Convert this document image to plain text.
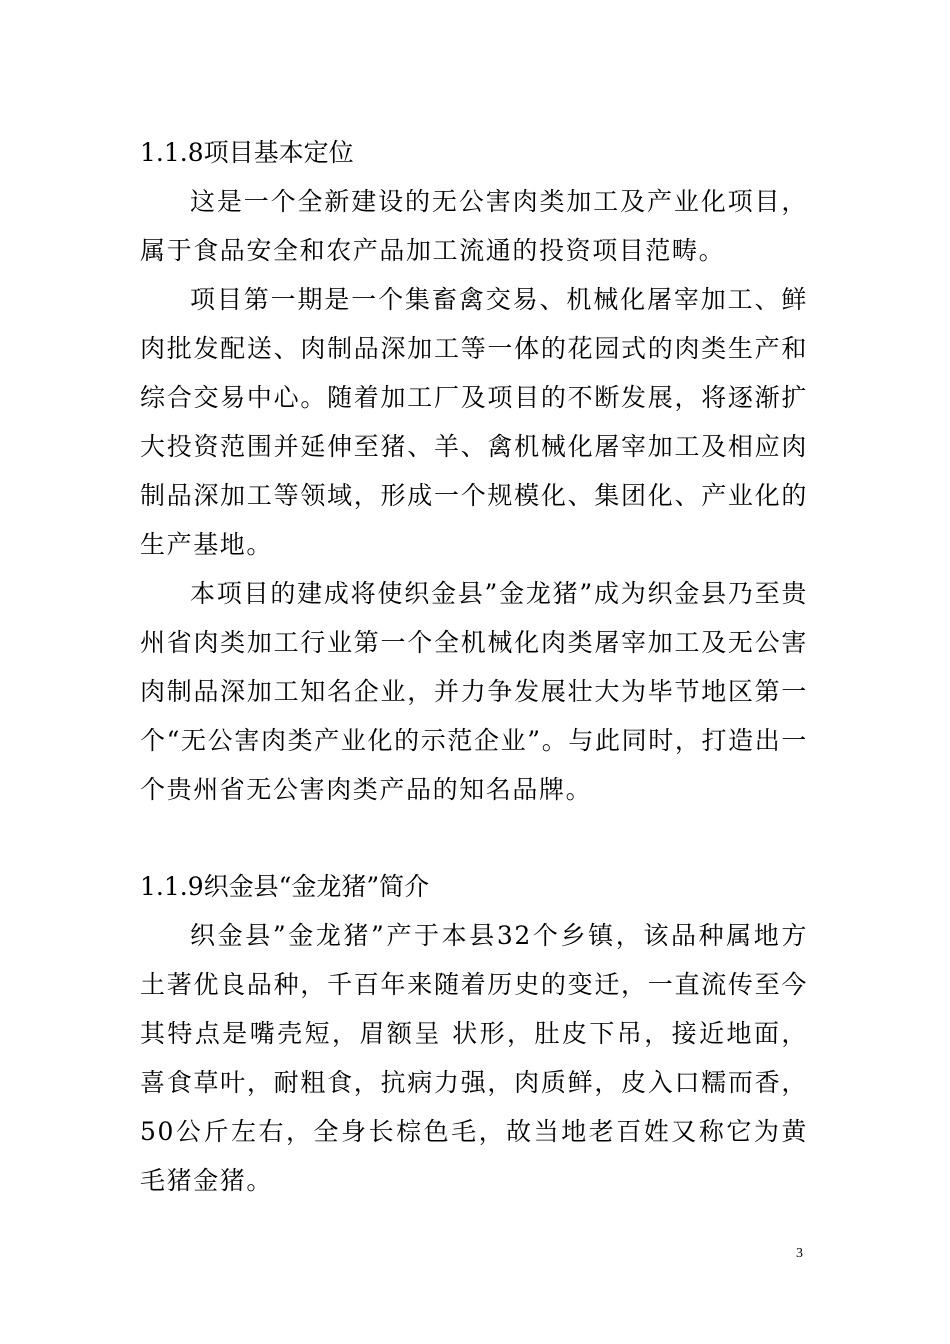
1.1.8项目基本定位

这是一个全新建设的无公害肉类加工及产业化项目，属于食品安全和农产品加工流通的投资项目范畴。

项目第一期是一个集畜禽交易、机械化屠宰加工、鲜肉批发配送、肉制品深加工等一体的花园式的肉类生产和综合交易中心。随着加工厂及项目的不断发展，将逐渐扩大投资范围并延伸至猪、羊、禽机械化屠宰加工及相应肉制品深加工等领域，形成一个规模化、集团化、产业化的生产基地。

本项目的建成将使织金县”金龙猪”成为织金县乃至贵州省肉类加工行业第一个全机械化肉类屠宰加工及无公害肉制品深加工知名企业，并力争发展壮大为毕节地区第一个“无公害肉类产业化的示范企业”。与此同时，打造出一个贵州省无公害肉类产品的知名品牌。

1.1.9织金县“金龙猪”简介

织金县”金龙猪”产于本县32个乡镇，该品种属地方土著优良品种，千百年来随着历史的变迁，一直流传至今其特点是嘴壳短，眉额呈 状形，肚皮下吊，接近地面，喜食草叶，耐粗食，抗病力强，肉质鲜，皮入口糯而香，50公斤左右，全身长棕色毛，故当地老百姓又称它为黄毛猪金猪。

3
